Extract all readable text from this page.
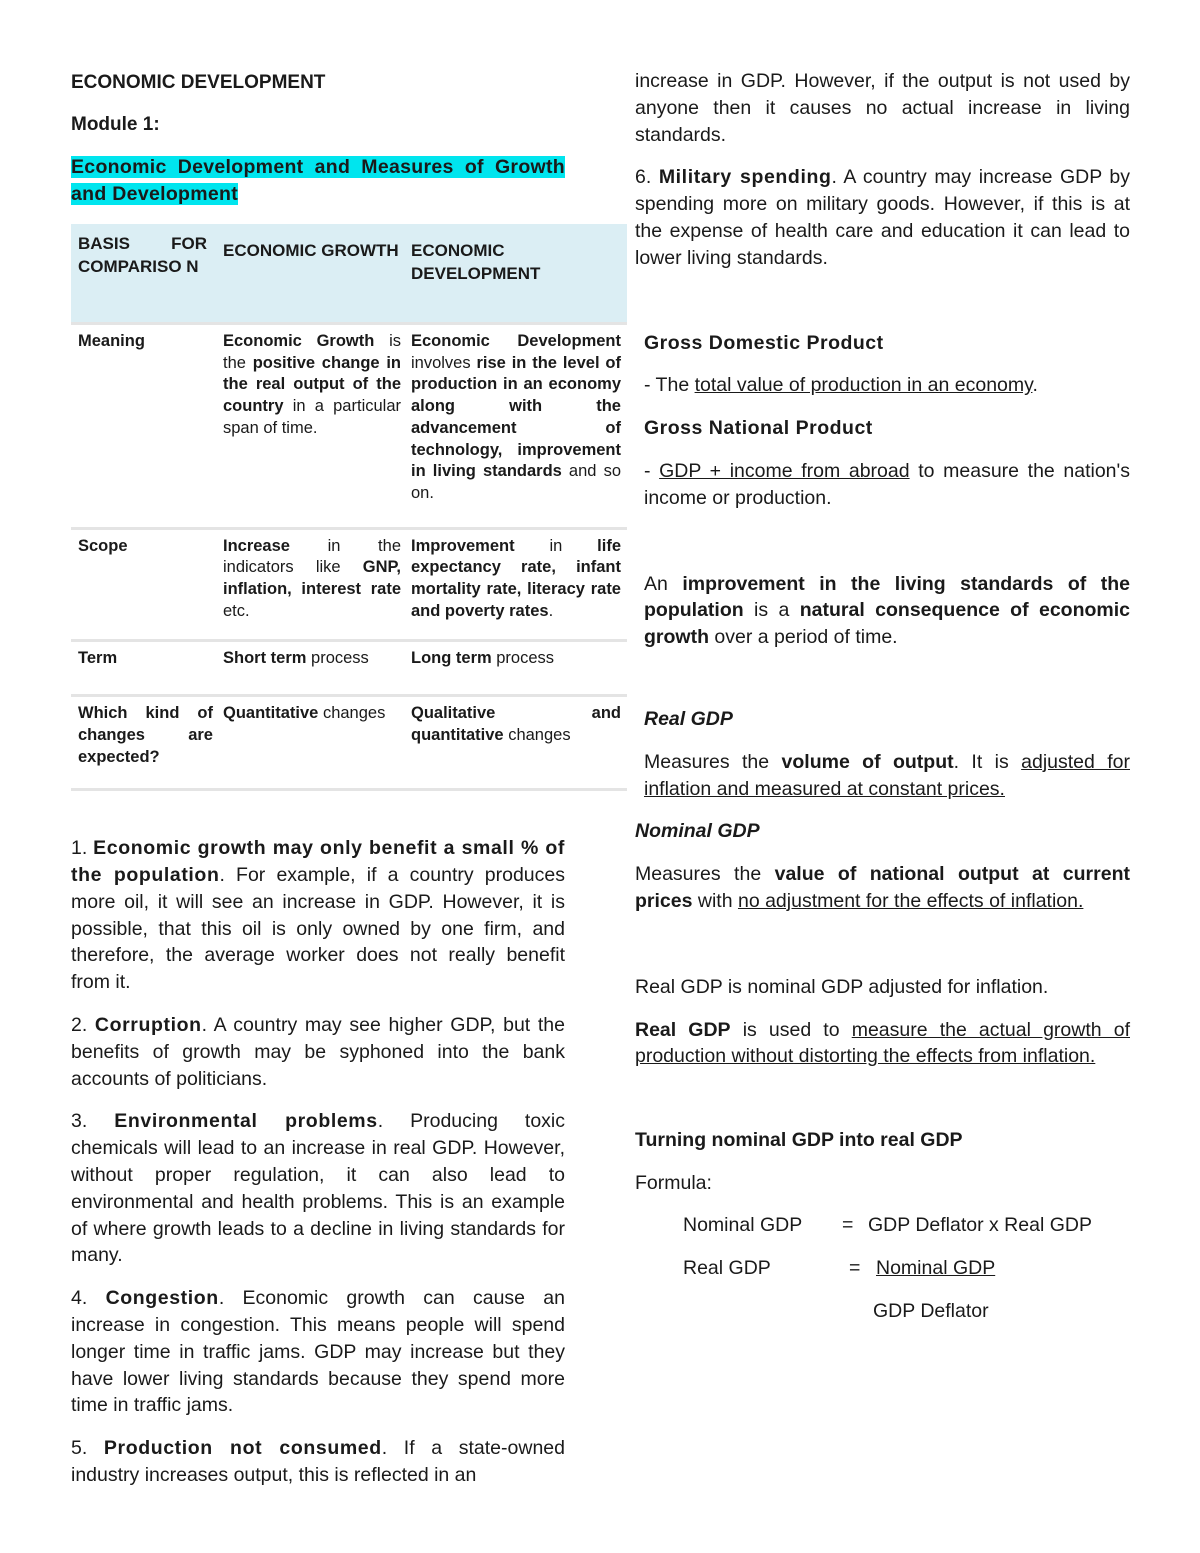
ECONOMIC DEVELOPMENT

Module 1:

Economic Development and Measures of Growth and Development

BASIS FOR COMPARISO N	ECONOMIC GROWTH	ECONOMIC DEVELOPMENT
Meaning	Economic Growth is the positive change in the real output of the country in a particular span of time.	Economic Development involves rise in the level of production in an economy along with the advancement of technology, improvement in living standards and so on.
Scope	Increase in the indicators like GNP, inflation, interest rate etc.	Improvement in life expectancy rate, infant mortality rate, literacy rate and poverty rates.
Term	Short term process	Long term process
Which kind of changes are expected?	Quantitative changes	Qualitative and quantitative changes

1. Economic growth may only benefit a small % of the population. For example, if a country produces more oil, it will see an increase in GDP. However, it is possible, that this oil is only owned by one firm, and therefore, the average worker does not really benefit from it.

2. Corruption. A country may see higher GDP, but the benefits of growth may be syphoned into the bank accounts of politicians.

3. Environmental problems. Producing toxic chemicals will lead to an increase in real GDP. However, without proper regulation, it can also lead to environmental and health problems. This is an example of where growth leads to a decline in living standards for many.

4. Congestion. Economic growth can cause an increase in congestion. This means people will spend longer time in traffic jams. GDP may increase but they have lower living standards because they spend more time in traffic jams.

5. Production not consumed. If a state-owned industry increases output, this is reflected in an

increase in GDP. However, if the output is not used by anyone then it causes no actual increase in living standards.

6. Military spending. A country may increase GDP by spending more on military goods. However, if this is at the expense of health care and education it can lead to lower living standards.

Gross Domestic Product

- The total value of production in an economy.

Gross National Product

- GDP + income from abroad to measure the nation's income or production.

An improvement in the living standards of the population is a natural consequence of economic growth over a period of time.

Real GDP

Measures the volume of output. It is adjusted for inflation and measured at constant prices.

Nominal GDP

Measures the value of national output at current prices with no adjustment for the effects of inflation.

Real GDP is nominal GDP adjusted for inflation.

Real GDP is used to measure the actual growth of production without distorting the effects from inflation.

Turning nominal GDP into real GDP

Formula:

Nominal GDP = GDP Deflator x Real GDP
Real GDP	= Nominal GDP
GDP Deflator
